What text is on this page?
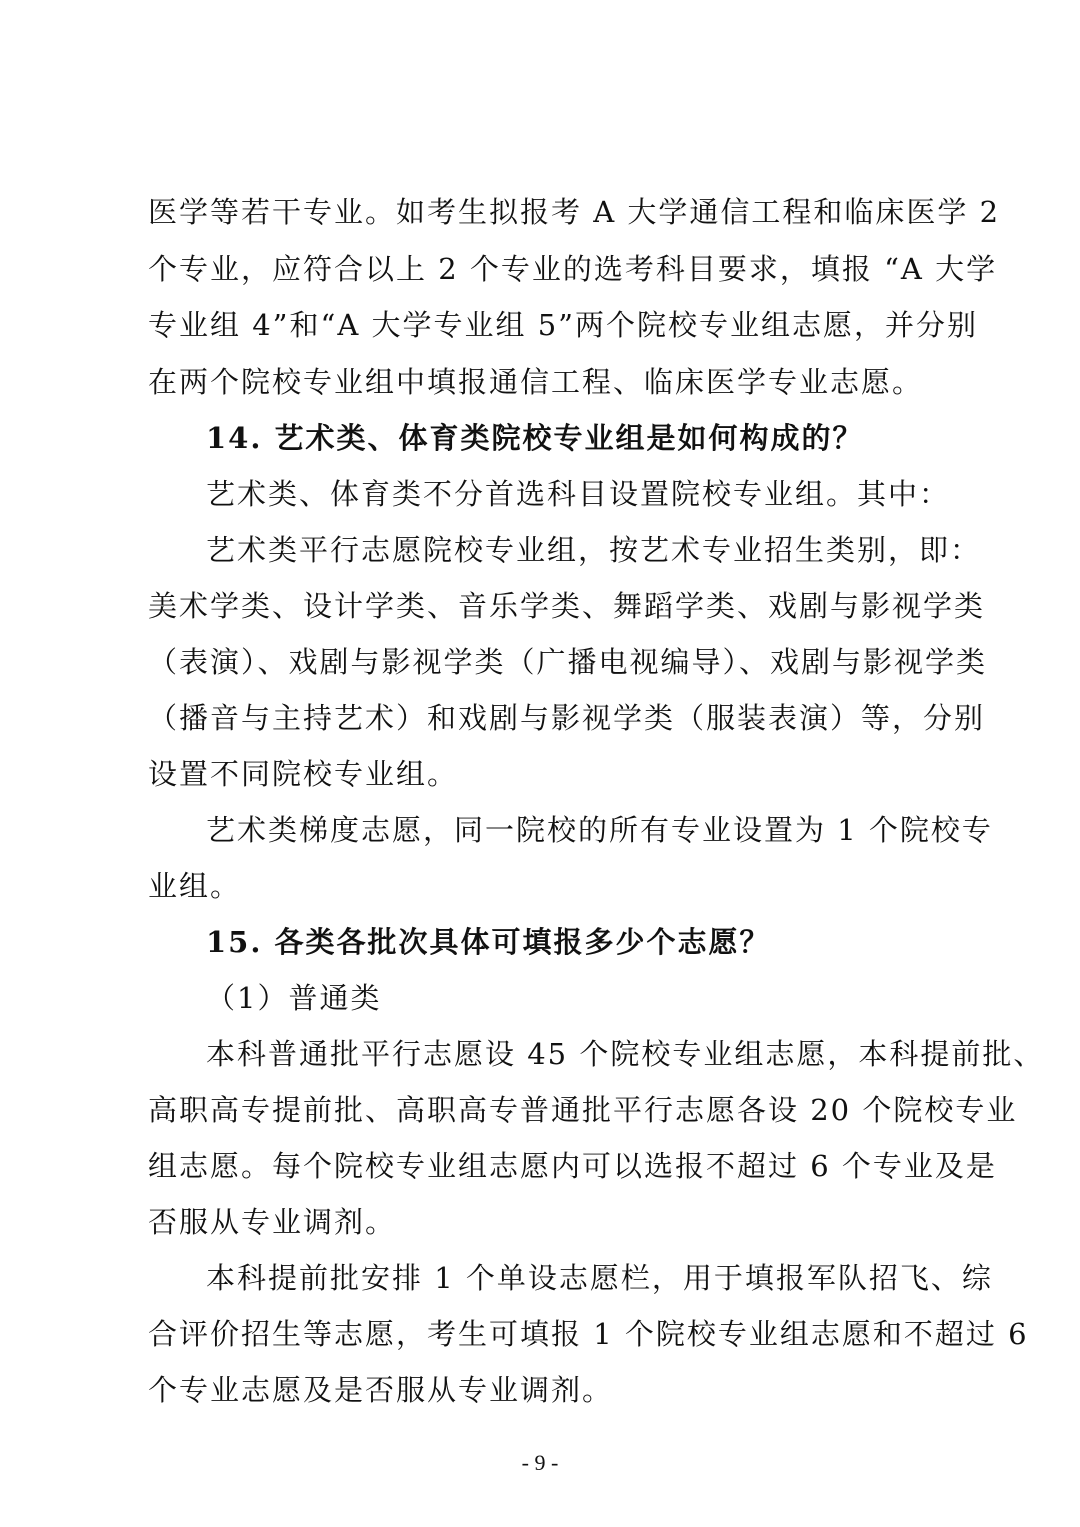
医学等若干专业。如考生拟报考 A 大学通信工程和临床医学 2
个专业，应符合以上 2 个专业的选考科目要求，填报 “A 大学
专业组 4”和“A 大学专业组 5”两个院校专业组志愿，并分别
在两个院校专业组中填报通信工程、临床医学专业志愿。
14. 艺术类、体育类院校专业组是如何构成的？
艺术类、体育类不分首选科目设置院校专业组。其中：
艺术类平行志愿院校专业组，按艺术专业招生类别，即：
美术学类、设计学类、音乐学类、舞蹈学类、戏剧与影视学类
（表演）、戏剧与影视学类（广播电视编导）、戏剧与影视学类
（播音与主持艺术）和戏剧与影视学类（服装表演）等，分别
设置不同院校专业组。
艺术类梯度志愿，同一院校的所有专业设置为 1 个院校专
业组。
15. 各类各批次具体可填报多少个志愿？
（1）普通类
本科普通批平行志愿设 45 个院校专业组志愿，本科提前批、
高职高专提前批、高职高专普通批平行志愿各设 20 个院校专业
组志愿。每个院校专业组志愿内可以选报不超过 6 个专业及是
否服从专业调剂。
本科提前批安排 1 个单设志愿栏，用于填报军队招飞、综
合评价招生等志愿，考生可填报 1 个院校专业组志愿和不超过 6
个专业志愿及是否服从专业调剂。
- 9 -
